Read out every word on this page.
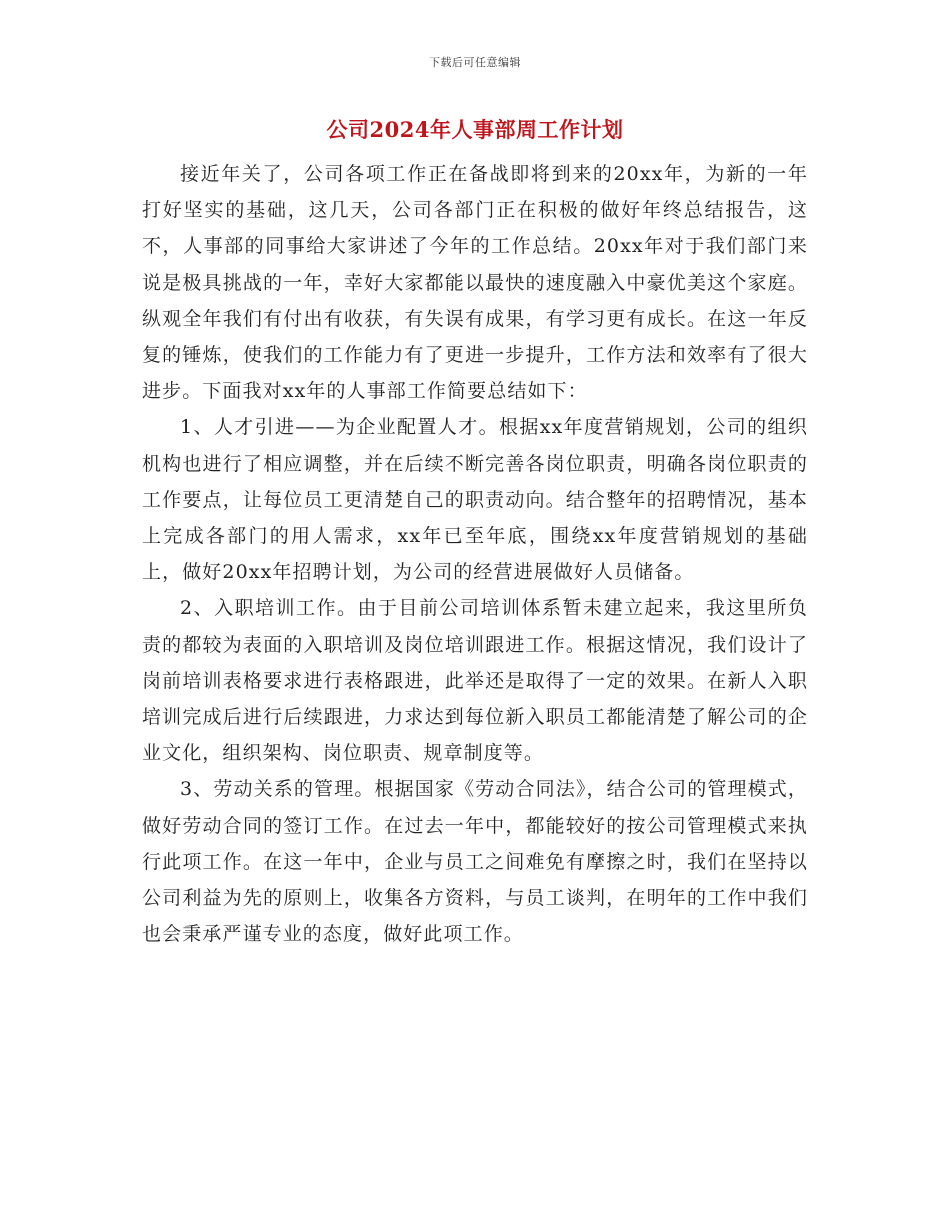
下载后可任意编辑
公司2024年人事部周工作计划

接近年关了，公司各项工作正在备战即将到来的20xx年，为新的一年打好坚实的基础，这几天，公司各部门正在积极的做好年终总结报告，这不，人事部的同事给大家讲述了今年的工作总结。20xx年对于我们部门来说是极具挑战的一年，幸好大家都能以最快的速度融入中豪优美这个家庭。纵观全年我们有付出有收获，有失误有成果，有学习更有成长。在这一年反复的锤炼，使我们的工作能力有了更进一步提升，工作方法和效率有了很大进步。下面我对xx年的人事部工作简要总结如下：

1、人才引进——为企业配置人才。根据xx年度营销规划，公司的组织机构也进行了相应调整，并在后续不断完善各岗位职责，明确各岗位职责的工作要点，让每位员工更清楚自己的职责动向。结合整年的招聘情况，基本上完成各部门的用人需求，xx年已至年底，围绕xx年度营销规划的基础上，做好20xx年招聘计划，为公司的经营进展做好人员储备。

2、入职培训工作。由于目前公司培训体系暂未建立起来，我这里所负责的都较为表面的入职培训及岗位培训跟进工作。根据这情况，我们设计了岗前培训表格要求进行表格跟进，此举还是取得了一定的效果。在新人入职培训完成后进行后续跟进，力求达到每位新入职员工都能清楚了解公司的企业文化，组织架构、岗位职责、规章制度等。

3、劳动关系的管理。根据国家《劳动合同法》，结合公司的管理模式，做好劳动合同的签订工作。在过去一年中，都能较好的按公司管理模式来执行此项工作。在这一年中，企业与员工之间难免有摩擦之时，我们在坚持以公司利益为先的原则上，收集各方资料，与员工谈判，在明年的工作中我们也会秉承严谨专业的态度，做好此项工作。
